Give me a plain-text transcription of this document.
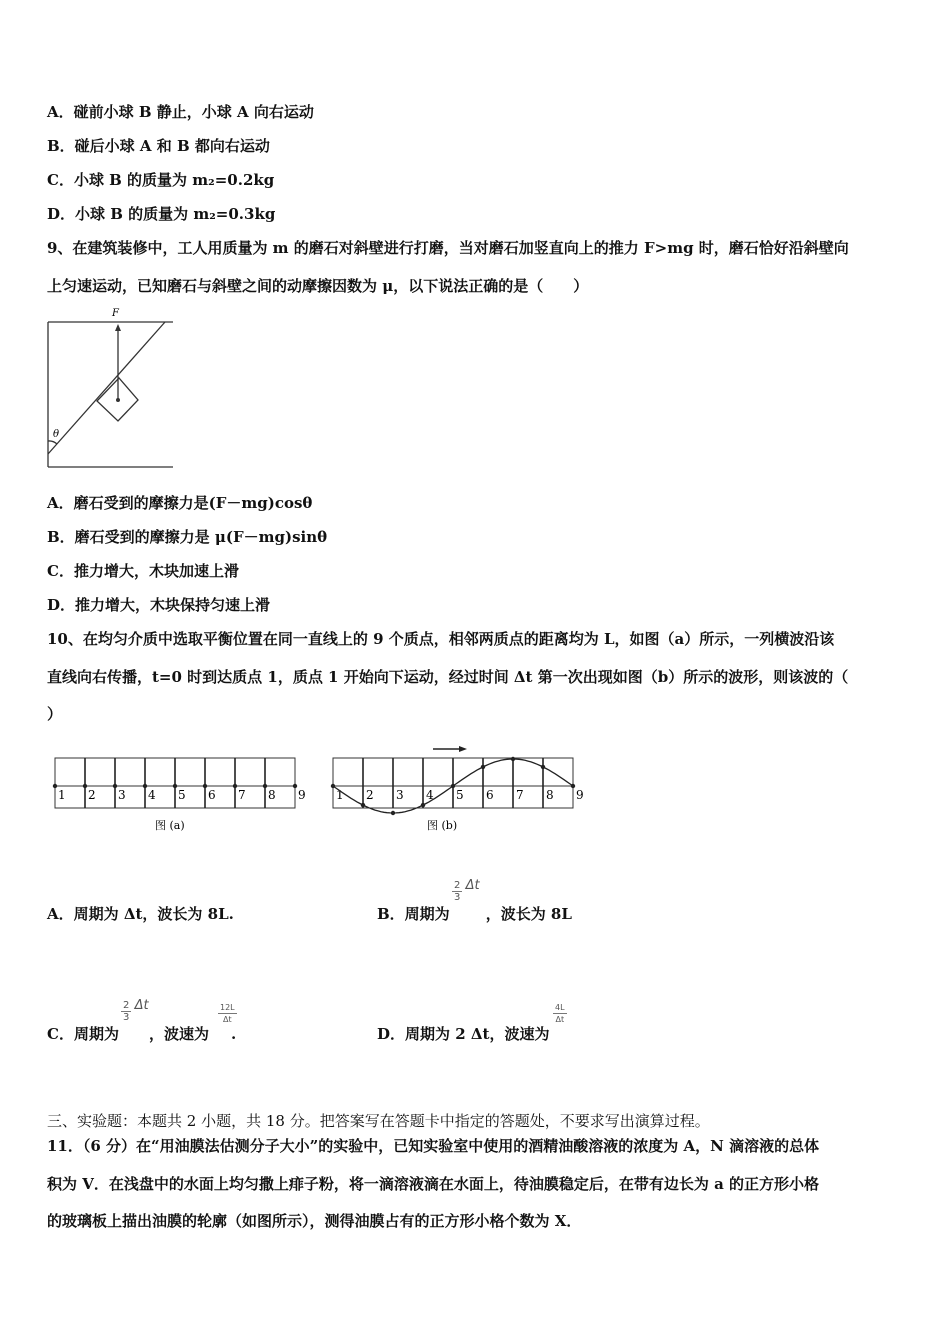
A．碰前小球 B 静止，小球 A 向右运动
B．碰后小球 A 和 B 都向右运动
C．小球 B 的质量为 m₂=0.2kg
D．小球 B 的质量为 m₂=0.3kg
9、在建筑装修中，工人用质量为 m 的磨石对斜壁进行打磨，当对磨石加竖直向上的推力 F>mg 时，磨石恰好沿斜壁向
上匀速运动，已知磨石与斜壁之间的动摩擦因数为 μ，以下说法正确的是（　　）
F
θ
A．磨石受到的摩擦力是(F－mg)cosθ
B．磨石受到的摩擦力是 μ(F－mg)sinθ
C．推力增大，木块加速上滑
D．推力增大，木块保持匀速上滑
10、在均匀介质中选取平衡位置在同一直线上的 9 个质点，相邻两质点的距离均为 L，如图（a）所示，一列横波沿该
直线向右传播，t=0 时到达质点 1，质点 1 开始向下运动，经过时间 Δt 第一次出现如图（b）所示的波形，则该波的（
）
图 (a)	图 (b)
1 2 3 4 5 6 7 8 9	1 2 3 4 5 6 7 8 9
A．周期为 Δt，波长为 8L.	B．周期为 ，波长为 8L
$\frac{2}{3}$ Δt
C．周期为 ，波速为 .
$\frac{2}{3}$ Δt	$\frac{12L}{\Delta t}$
D．周期为 2 Δt，波速为
$\frac{4L}{\Delta t}$
三、实验题：本题共 2 小题，共 18 分。把答案写在答题卡中指定的答题处，不要求写出演算过程。
11．（6 分）在“用油膜法估测分子大小”的实验中，已知实验室中使用的酒精油酸溶液的浓度为 A，N 滴溶液的总体
积为 V．在浅盘中的水面上均匀撒上痱子粉，将一滴溶液滴在水面上，待油膜稳定后，在带有边长为 a 的正方形小格
的玻璃板上描出油膜的轮廓（如图所示），测得油膜占有的正方形小格个数为 X．
